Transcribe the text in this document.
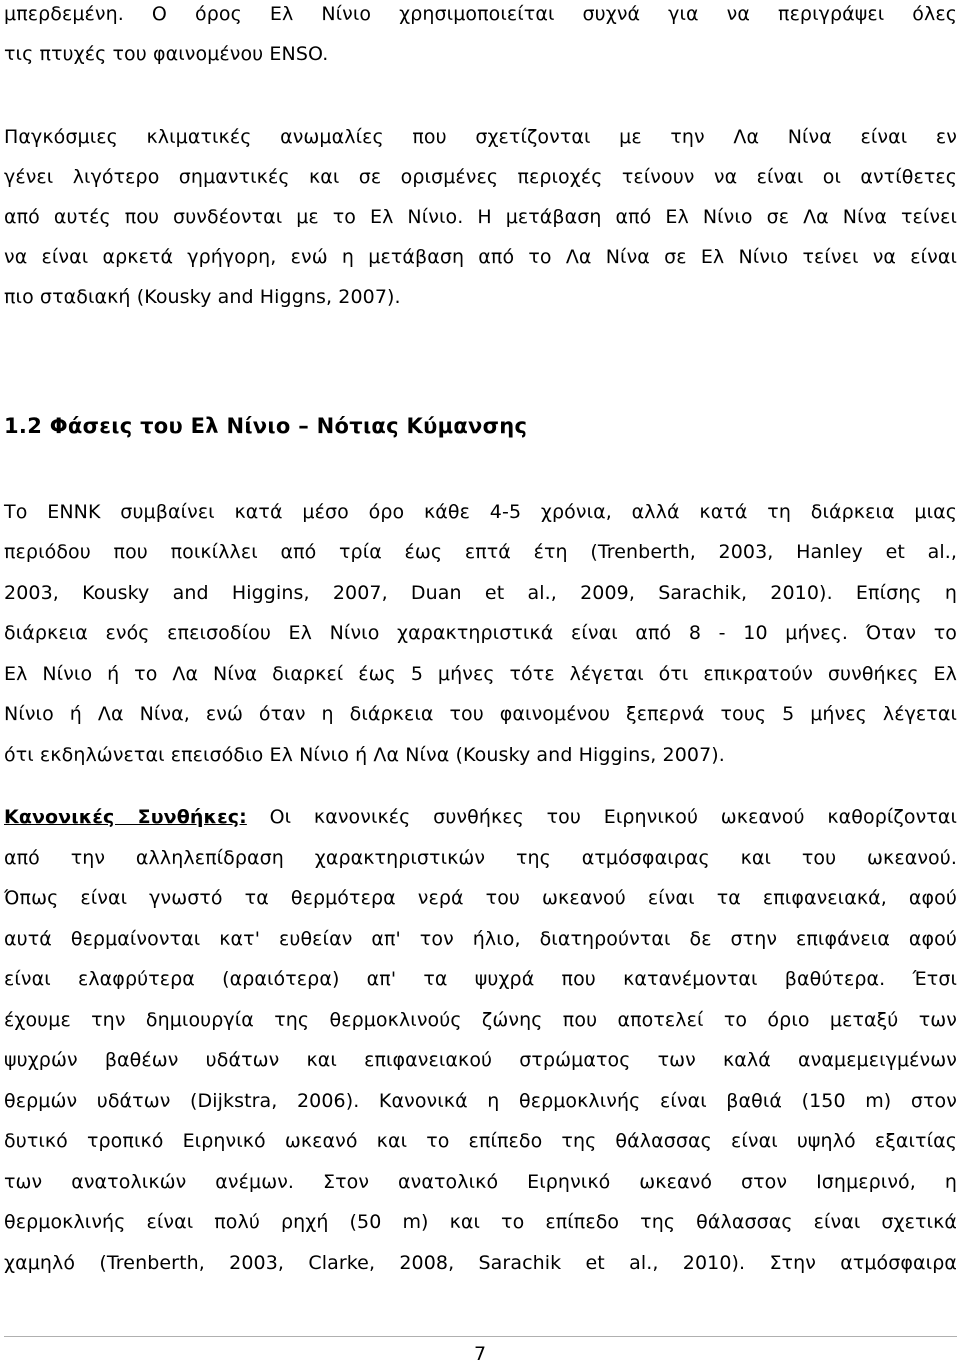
μπερδεμένη. Ο όρος Ελ Νίνιο χρησιμοποιείται συχνά για να περιγράψει όλες
τις πτυχές του φαινομένου ENSO.
Παγκόσμιες κλιματικές ανωμαλίες που σχετίζονται με την Λα Νίνα είναι εν
γένει λιγότερο σημαντικές και σε ορισμένες περιοχές τείνουν να είναι οι αντίθετες
από αυτές που συνδέονται με το Ελ Νίνιο. Η μετάβαση από Ελ Νίνιο σε Λα Νίνα τείνει
να είναι αρκετά γρήγορη, ενώ η μετάβαση από το Λα Νίνα σε Ελ Νίνιο τείνει να είναι
πιο σταδιακή (Kousky and Higgns, 2007).
1.2 Φάσεις του Ελ Νίνιο – Νότιας Κύμανσης
Το ΕΝΝΚ συμβαίνει κατά μέσο όρο κάθε 4-5 χρόνια, αλλά κατά τη διάρκεια μιας
περιόδου που ποικίλλει από τρία έως επτά έτη (Trenberth, 2003, Hanley et al.,
2003, Kousky and Higgins, 2007, Duan et al., 2009, Sarachik, 2010). Επίσης η
διάρκεια ενός επεισοδίου Ελ Νίνιο χαρακτηριστικά είναι από 8 - 10 μήνες. Όταν το
Ελ Νίνιο ή το Λα Νίνα διαρκεί έως 5 μήνες τότε λέγεται ότι επικρατούν συνθήκες Ελ
Νίνιο ή Λα Νίνα, ενώ όταν η διάρκεια του φαινομένου ξεπερνά τους 5 μήνες λέγεται
ότι εκδηλώνεται επεισόδιο Ελ Νίνιο ή Λα Νίνα (Kousky and Higgins, 2007).
Κανονικές Συνθήκες: Οι κανονικές συνθήκες του Ειρηνικού ωκεανού καθορίζονται
από την αλληλεπίδραση χαρακτηριστικών της ατμόσφαιρας και του ωκεανού.
Όπως είναι γνωστό τα θερμότερα νερά του ωκεανού είναι τα επιφανειακά, αφού
αυτά θερμαίνονται κατ' ευθείαν απ' τον ήλιο, διατηρούνται δε στην επιφάνεια αφού
είναι ελαφρύτερα (αραιότερα) απ' τα ψυχρά που κατανέμονται βαθύτερα. Έτσι
έχουμε την δημιουργία της θερμοκλινούς ζώνης που αποτελεί το όριο μεταξύ των
ψυχρών βαθέων υδάτων και επιφανειακού στρώματος των καλά αναμεμειγμένων
θερμών υδάτων (Dijkstra, 2006). Κανονικά η θερμοκλινής είναι βαθιά (150 m) στον
δυτικό τροπικό Ειρηνικό ωκεανό και το επίπεδο της θάλασσας είναι υψηλό εξαιτίας
των ανατολικών ανέμων. Στον ανατολικό Ειρηνικό ωκεανό στον Ισημερινό, η
θερμοκλινής είναι πολύ ρηχή (50 m) και το επίπεδο της θάλασσας είναι σχετικά
χαμηλό (Trenberth, 2003, Clarke, 2008, Sarachik et al., 2010). Στην ατμόσφαιρα
7
